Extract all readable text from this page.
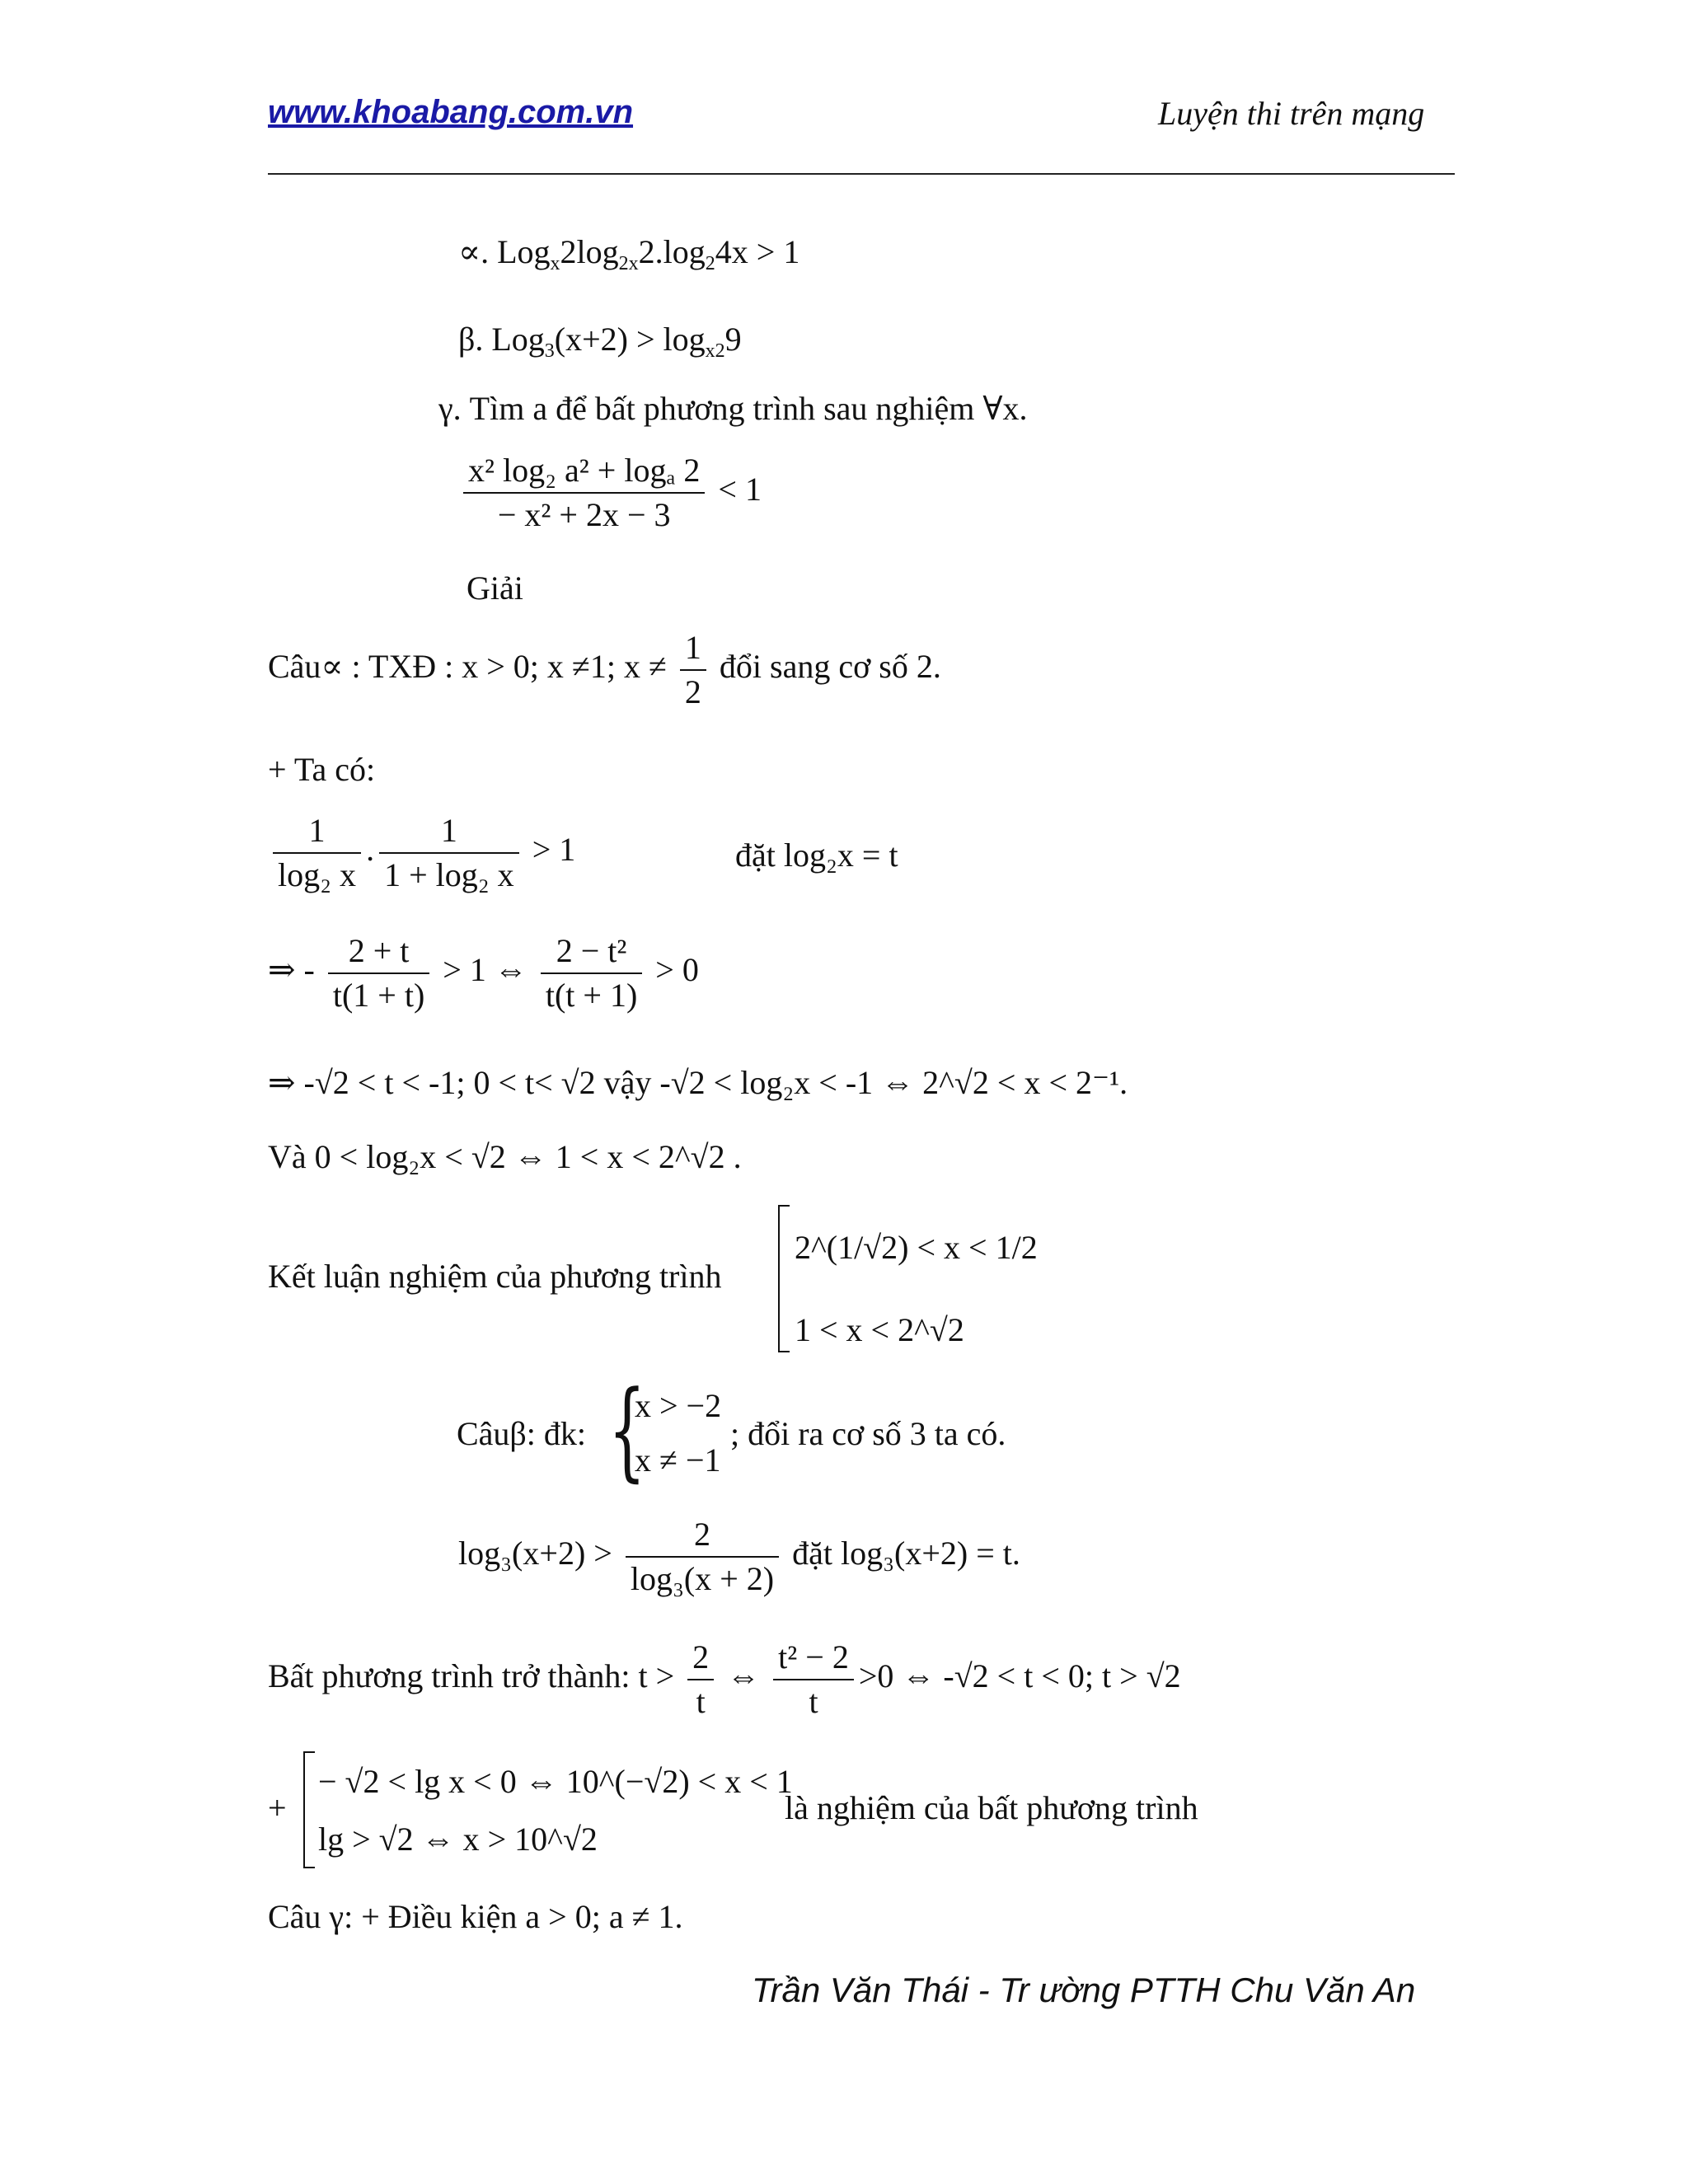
www.khoabang.com.vn	Luyện thi trên mạng
∝. $Log_x2\log_{2x}2.\log_24x > 1$
β. $Log_3(x+2) > \log_{x2}9$
γ. Tìm a để bất phương trình sau nghiệm ∀x.
$\frac{\text{x² log₂ a² + logₐ 2}}{\text{− x² + 2x − 3}} < 1$
Giải
Câu∝ : TXĐ : x > 0; x ≠1; $x \ne \frac{1}{2}$ đổi sang cơ số 2.
+ Ta có:
$\frac{1}{\text{log₂ x}}$ . $\frac{1}{\text{1 + log₂ x}} > 1$	đặt log₂x = t
⇒ - $\frac{2 + t}{t(1 + t)} > 1$ ⇔ $\frac{\text{2 − t²}}{t(t + 1)} > 0$
⇒ -√2 < t < -1; 0 < t< √2 vậy -√2 < log₂x < -1 ⇔ 2^√2 < x < 2⁻¹.
Và 0 < log₂x < √2 ⇔ 1 < x < 2^√2 .
Kết luận nghiệm của phương trình
2^(1/√2) < x < 1/2
1 < x < 2^√2
Câuβ: đk: {
x > −2
x ≠ −1
; đổi ra cơ số 3 ta có.
$\log_3(x+2) > \frac{2}{\text{log₃(x + 2)}}$ đặt log₃(x+2) = t.
Bất phương trình trở thành: $t > \frac{2}{t}$ ⇔ $\frac{\text{t² − 2}}{t} >0$ ⇔ -√2 < t < 0; t > √2
+
− √2 < lg x < 0 ⇔ 10^(−√2) < x < 1
lg > √2 ⇔ x > 10^√2
là nghiệm của bất phương trình
Câu γ: + Điều kiện a > 0; a ≠ 1.
Trần Văn Thái - Tr ường PTTH Chu Văn An
